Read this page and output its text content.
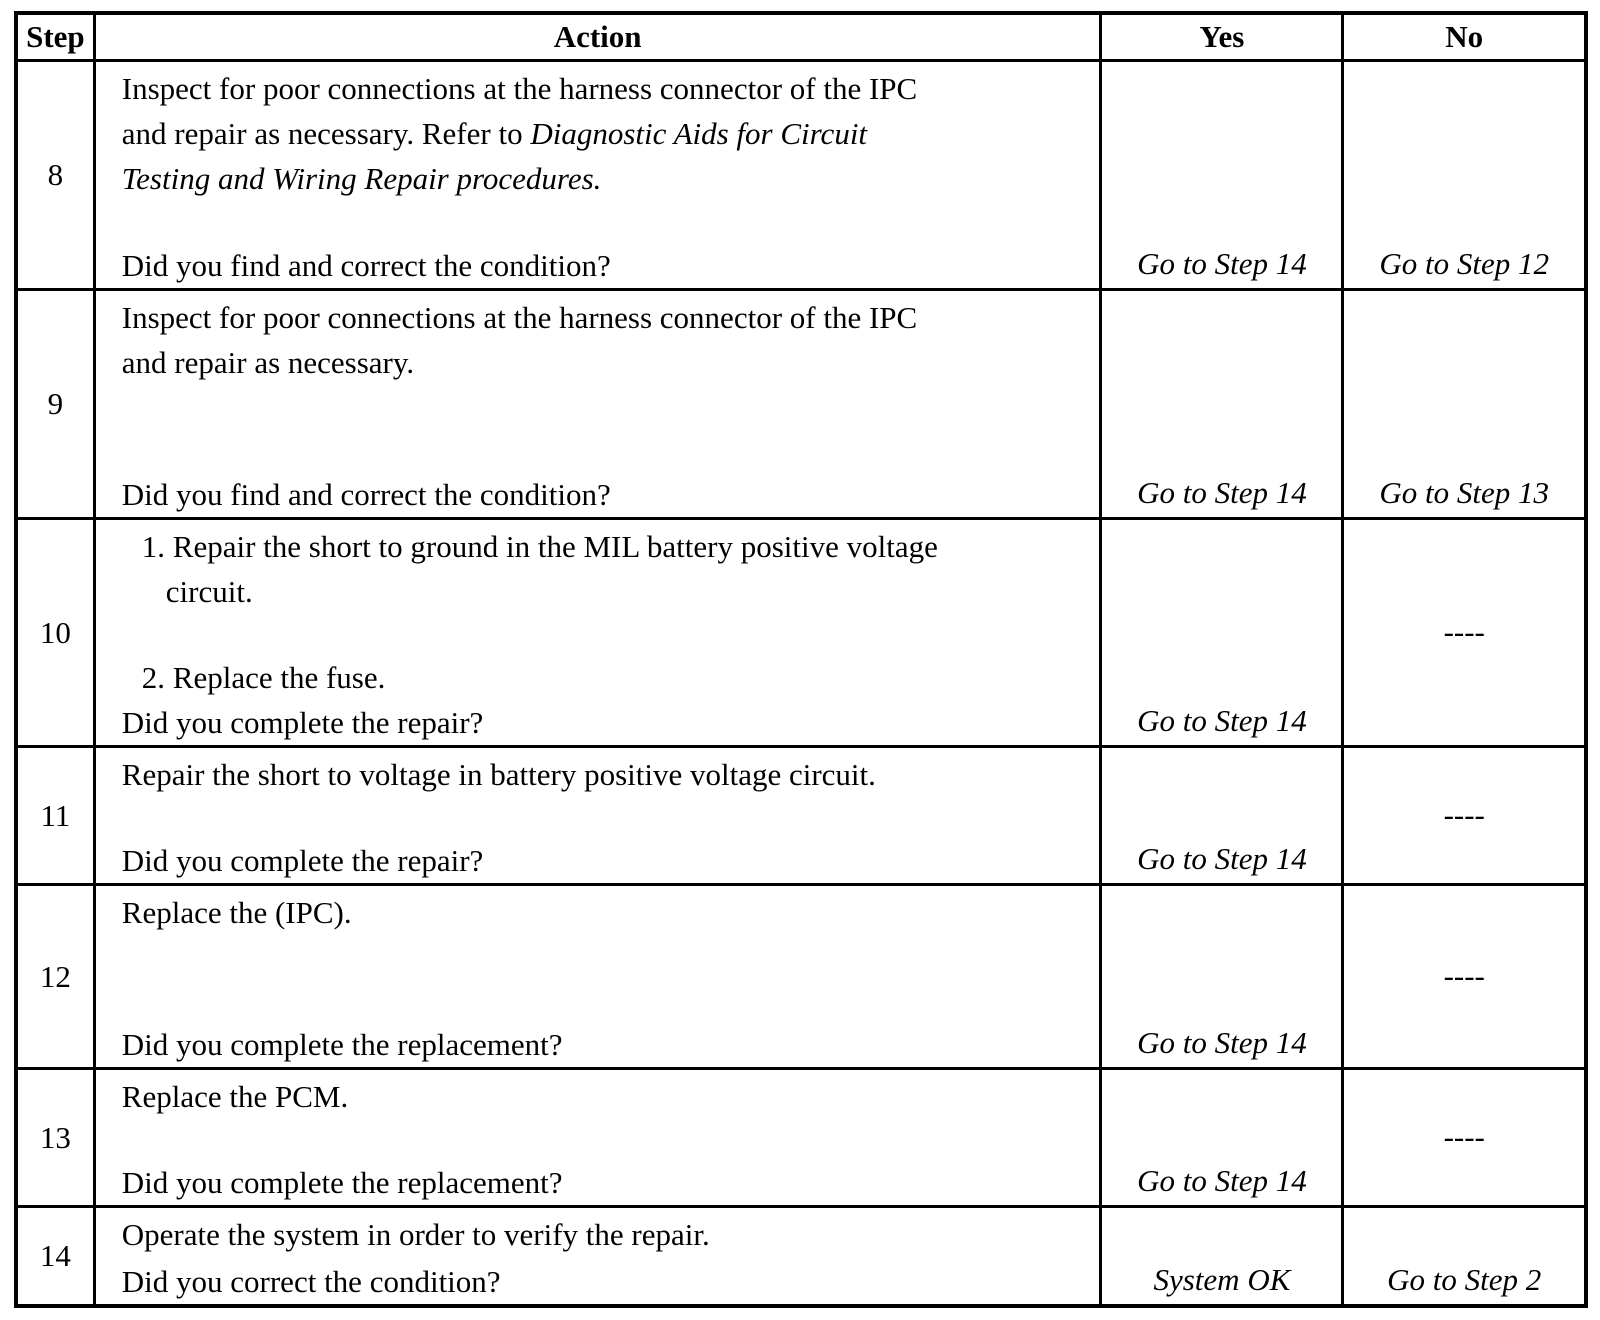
Step	Action	Yes	No
8	Inspect for poor connections at the harness connector of the IPC
and repair as necessary. Refer to Diagnostic Aids for Circuit
Testing and Wiring Repair procedures.
Did you find and correct the condition?	Go to Step 14	Go to Step 12
9	Inspect for poor connections at the harness connector of the IPC
and repair as necessary.
Did you find and correct the condition?	Go to Step 14	Go to Step 13
10	1. Repair the short to ground in the MIL battery positive voltage
circuit.
2. Replace the fuse.
Did you complete the repair?	Go to Step 14	----
11	Repair the short to voltage in battery positive voltage circuit.
Did you complete the repair?	Go to Step 14	----
12	Replace the (IPC).
Did you complete the replacement?	Go to Step 14	----
13	Replace the PCM.
Did you complete the replacement?	Go to Step 14	----
14	Operate the system in order to verify the repair.
Did you correct the condition?	System OK	Go to Step 2
